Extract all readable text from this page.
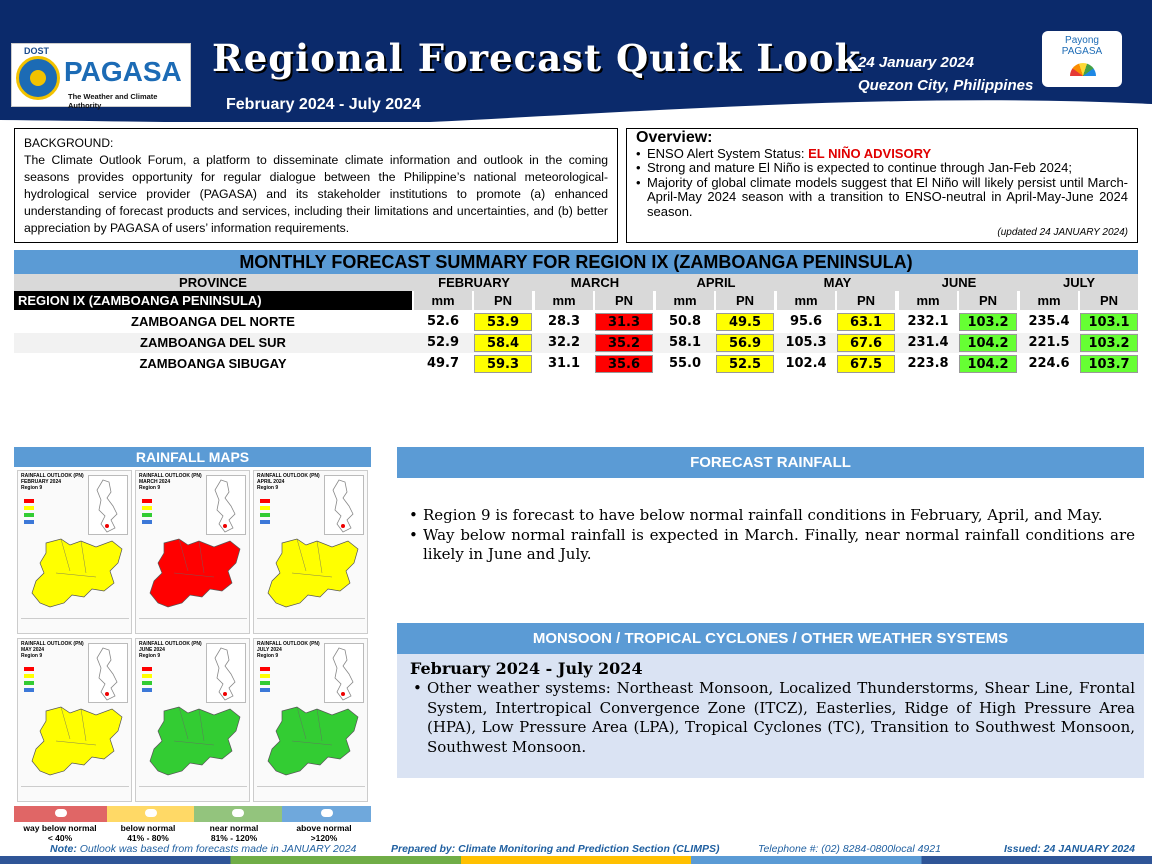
DOST
PAGASA
The Weather and Climate Authority
Regional Forecast Quick Look
February 2024 - July 2024
24 January 2024
Quezon City, Philippines
Payong
PAGASA
BACKGROUND:
The Climate Outlook Forum, a platform to disseminate climate information and outlook in the coming seasons provides opportunity for regular dialogue between the Philippine’s national meteorological-hydrological service provider (PAGASA) and its stakeholder institutions to promote (a) enhanced understanding of forecast products and services, including their limitations and uncertainties, and (b) better appreciation by PAGASA of users’ information requirements.
Overview:
• ENSO Alert System Status: EL NIÑO ADVISORY
• Strong and mature El Niño is expected to continue through Jan-Feb 2024;
• Majority of global climate models suggest that El Niño will likely persist until March-April-May 2024 season with a transition to ENSO-neutral in April-May-June 2024 season.
(updated 24 JANUARY 2024)
MONTHLY FORECAST SUMMARY FOR REGION IX (ZAMBOANGA PENINSULA)
PROVINCE	FEBRUARY	MARCH	APRIL	MAY	JUNE	JULY
REGION IX (ZAMBOANGA PENINSULA)	mm	PN	mm	PN	mm	PN	mm	PN	mm	PN	mm	PN
ZAMBOANGA DEL NORTE	52.6	53.9	28.3	31.3	50.8	49.5	95.6	63.1	232.1	103.2	235.4	103.1
ZAMBOANGA DEL SUR	52.9	58.4	32.2	35.2	58.1	56.9	105.3	67.6	231.4	104.2	221.5	103.2
ZAMBOANGA SIBUGAY	49.7	59.3	31.1	35.6	55.0	52.5	102.4	67.5	223.8	104.2	224.6	103.7
RAINFALL MAPS
RAINFALL OUTLOOK (PN)
FEBRUARY 2024
Region 9
RAINFALL OUTLOOK (PN)
MARCH 2024
Region 9
RAINFALL OUTLOOK (PN)
APRIL 2024
Region 9
RAINFALL OUTLOOK (PN)
MAY 2024
Region 9
RAINFALL OUTLOOK (PN)
JUNE 2024
Region 9
RAINFALL OUTLOOK (PN)
JULY 2024
Region 9
way below normal
< 40%
below normal
41% - 80%
near normal
81% - 120%
above normal
>120%
FORECAST RAINFALL
• Region 9 is forecast to have below normal rainfall conditions in February, April, and May.
• Way below normal rainfall is expected in March. Finally, near normal rainfall conditions are likely in June and July.
MONSOON / TROPICAL CYCLONES / OTHER WEATHER SYSTEMS
February 2024 - July 2024
• Other weather systems: Northeast Monsoon, Localized Thunderstorms, Shear Line, Frontal System, Intertropical Convergence Zone (ITCZ), Easterlies, Ridge of High Pressure Area (HPA), Low Pressure Area (LPA), Tropical Cyclones (TC), Transition to Southwest Monsoon, Southwest Monsoon.
Note: Outlook was based from forecasts made in JANUARY 2024	Prepared by: Climate Monitoring and Prediction Section (CLIMPS)	Telephone #: (02) 8284-0800local 4921	Issued: 24 JANUARY 2024
